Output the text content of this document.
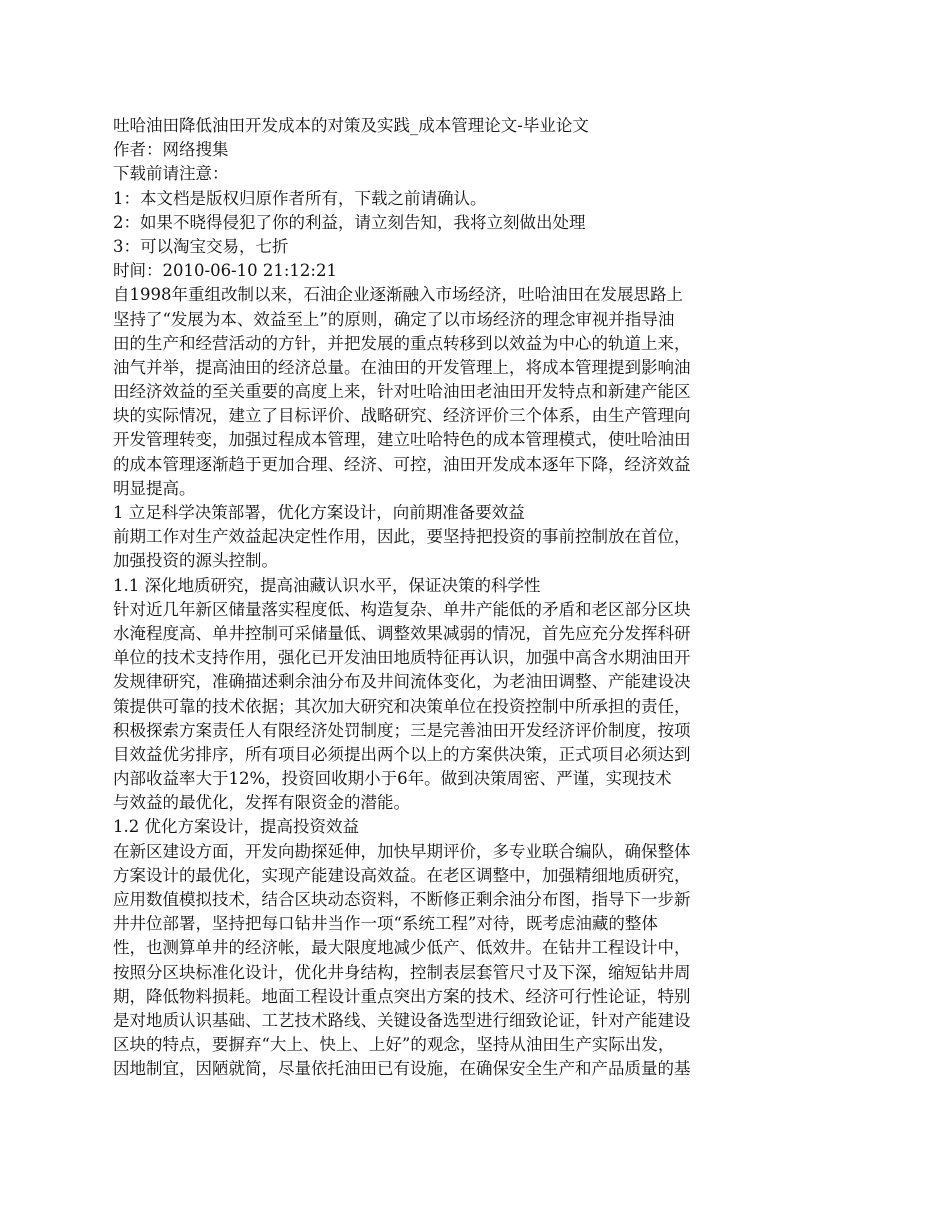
吐哈油田降低油田开发成本的对策及实践_成本管理论文-毕业论文
作者：网络搜集
下载前请注意：
1：本文档是版权归原作者所有，下载之前请确认。
2：如果不晓得侵犯了你的利益，请立刻告知，我将立刻做出处理
3：可以淘宝交易，七折
时间：2010-06-10 21:12:21
自1998年重组改制以来，石油企业逐渐融入市场经济，吐哈油田在发展思路上
坚持了“发展为本、效益至上”的原则，确定了以市场经济的理念审视并指导油
田的生产和经营活动的方针，并把发展的重点转移到以效益为中心的轨道上来，
油气并举，提高油田的经济总量。在油田的开发管理上，将成本管理提到影响油
田经济效益的至关重要的高度上来，针对吐哈油田老油田开发特点和新建产能区
块的实际情况，建立了目标评价、战略研究、经济评价三个体系，由生产管理向
开发管理转变，加强过程成本管理，建立吐哈特色的成本管理模式，使吐哈油田
的成本管理逐渐趋于更加合理、经济、可控，油田开发成本逐年下降，经济效益
明显提高。
1 立足科学决策部署，优化方案设计，向前期准备要效益
前期工作对生产效益起决定性作用，因此，要坚持把投资的事前控制放在首位，
加强投资的源头控制。
1.1 深化地质研究，提高油藏认识水平，保证决策的科学性
针对近几年新区储量落实程度低、构造复杂、单井产能低的矛盾和老区部分区块
水淹程度高、单井控制可采储量低、调整效果减弱的情况，首先应充分发挥科研
单位的技术支持作用，强化已开发油田地质特征再认识，加强中高含水期油田开
发规律研究，准确描述剩余油分布及井间流体变化，为老油田调整、产能建设决
策提供可靠的技术依据；其次加大研究和决策单位在投资控制中所承担的责任，
积极探索方案责任人有限经济处罚制度；三是完善油田开发经济评价制度，按项
目效益优劣排序，所有项目必须提出两个以上的方案供决策，正式项目必须达到
内部收益率大于12%，投资回收期小于6年。做到决策周密、严谨，实现技术
与效益的最优化，发挥有限资金的潜能。
1.2 优化方案设计，提高投资效益
在新区建设方面，开发向勘探延伸，加快早期评价，多专业联合编队，确保整体
方案设计的最优化，实现产能建设高效益。在老区调整中，加强精细地质研究，
应用数值模拟技术，结合区块动态资料，不断修正剩余油分布图，指导下一步新
井井位部署，坚持把每口钻井当作一项“系统工程”对待，既考虑油藏的整体
性，也测算单井的经济帐，最大限度地减少低产、低效井。在钻井工程设计中，
按照分区块标准化设计，优化井身结构，控制表层套管尺寸及下深，缩短钻井周
期，降低物料损耗。地面工程设计重点突出方案的技术、经济可行性论证，特别
是对地质认识基础、工艺技术路线、关键设备选型进行细致论证，针对产能建设
区块的特点，要摒弃“大上、快上、上好”的观念，坚持从油田生产实际出发，
因地制宜，因陋就简，尽量依托油田已有设施，在确保安全生产和产品质量的基
